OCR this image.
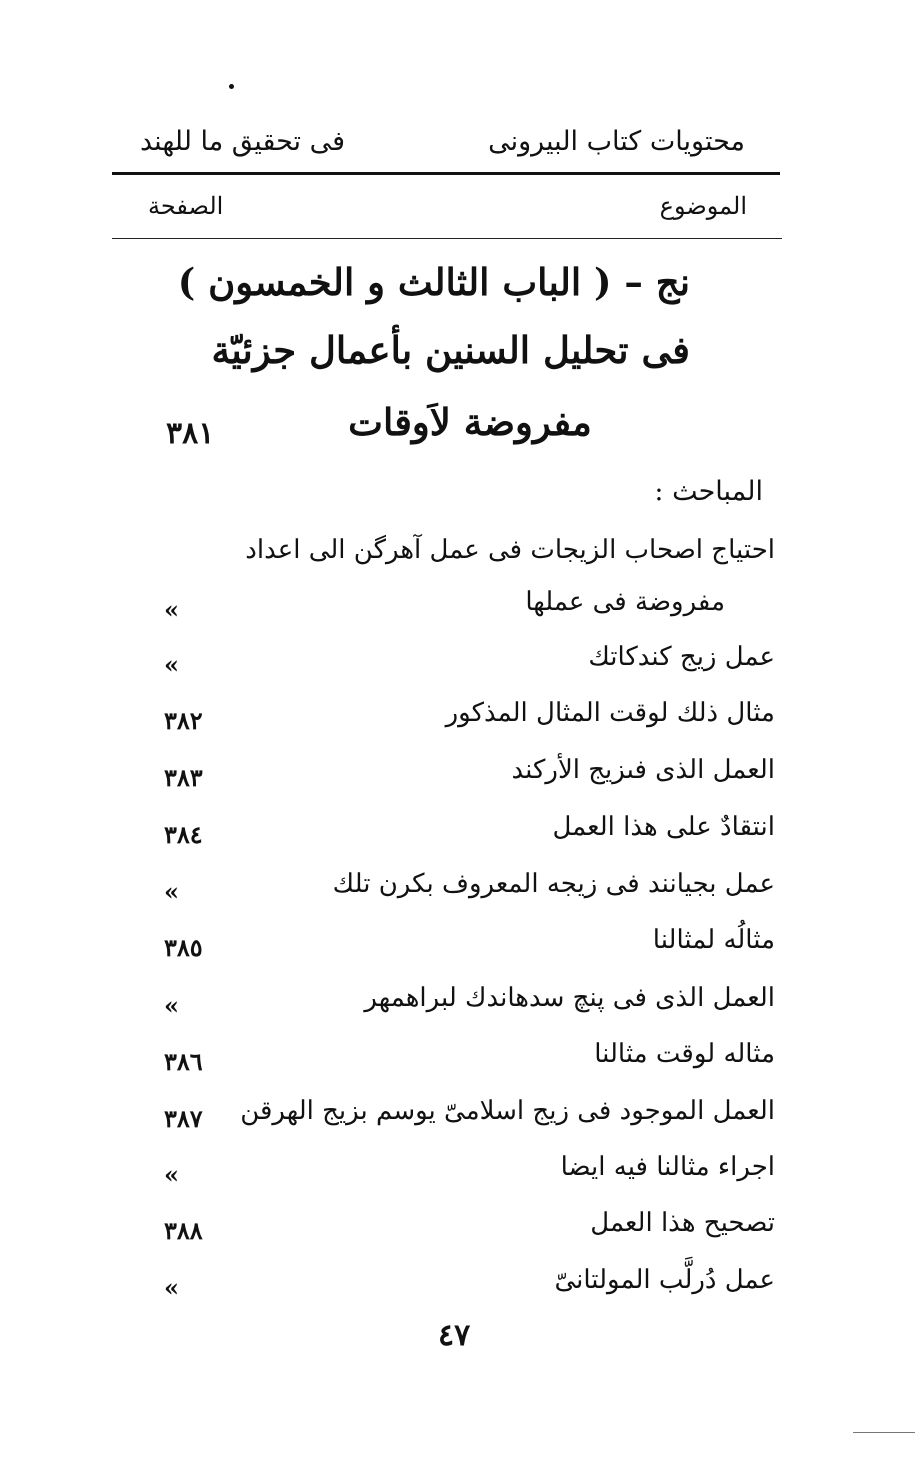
محتويات كتاب البيرونى
فى تحقيق ما للهند
الموضوع
الصفحة
نج – ( الباب الثالث و الخمسون )
فى تحليل السنين بأعمال جزئيّة
مفروضة لاَوقات
٣٨١
المباحث :
احتياج اصحاب الزيجات فى عمل آهرگن الى اعداد
مفروضة فى عملها
»
عمل زيج كندكاتك
»
مثال ذلك لوقت المثال المذكور
٣٨٢
العمل الذى فىزيج الأركند
٣٨٣
انتقادٌ على هذا العمل
٣٨٤
عمل بجيانند فى زيجه المعروف بكرن تلك
»
مثالُه لمثالنا
٣٨٥
العمل الذى فى پنچ سدهاندك لبراهمهر
»
مثاله لوقت مثالنا
٣٨٦
العمل الموجود فى زيج اسلامىّ يوسم بزيج الهرقن
٣٨٧
اجراء مثالنا فيه ايضا
»
تصحيح هذا العمل
٣٨٨
عمل دُرلَّب المولتانىّ
»
٤٧
